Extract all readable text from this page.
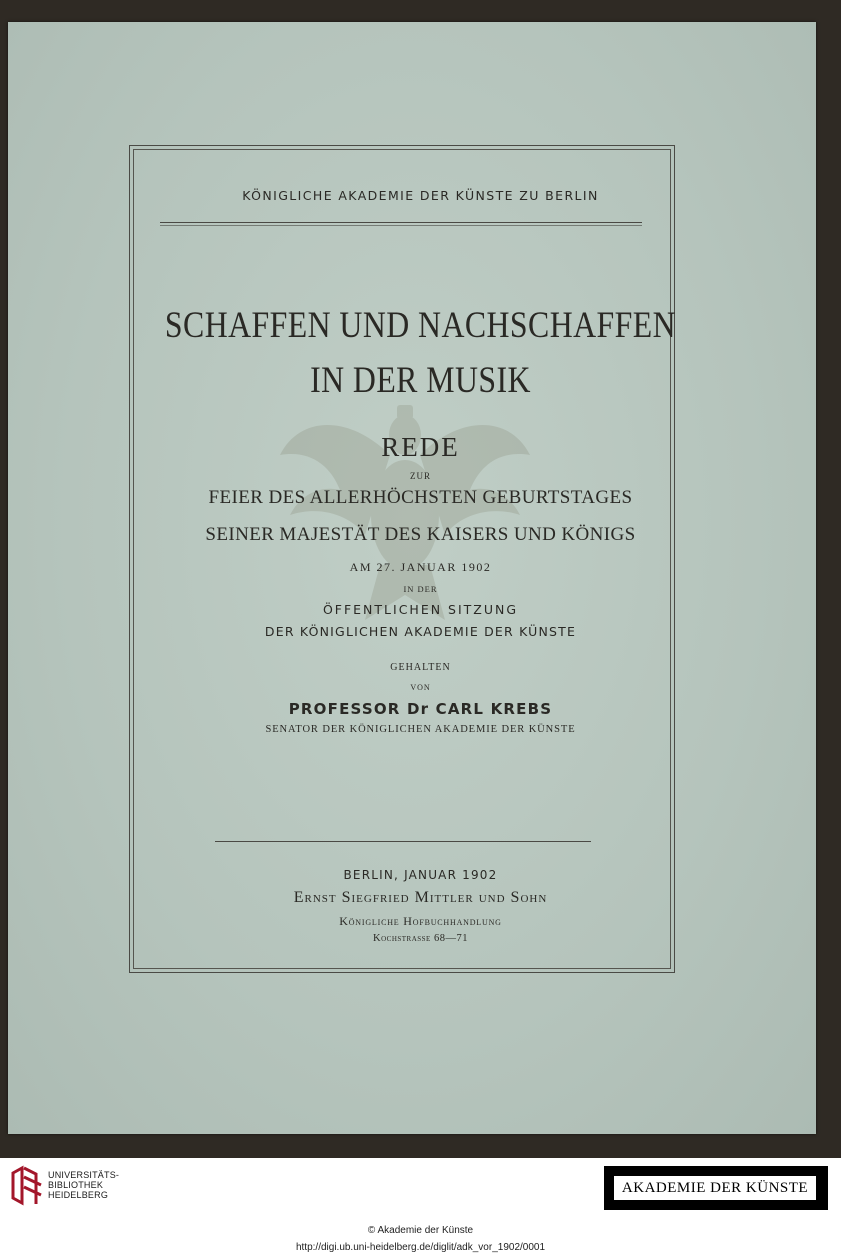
KÖNIGLICHE AKADEMIE DER KÜNSTE ZU BERLIN
SCHAFFEN UND NACHSCHAFFEN
IN DER MUSIK
REDE
ZUR
FEIER DES ALLERHÖCHSTEN GEBURTSTAGES
SEINER MAJESTÄT DES KAISERS UND KÖNIGS
AM 27. JANUAR 1902
IN DER
ÖFFENTLICHEN SITZUNG
DER KÖNIGLICHEN AKADEMIE DER KÜNSTE
GEHALTEN
VON
PROFESSOR Dr CARL KREBS
SENATOR DER KÖNIGLICHEN AKADEMIE DER KÜNSTE
BERLIN, JANUAR 1902
Ernst Siegfried Mittler und Sohn
Königliche Hofbuchhandlung
Kochstrasse 68—71
UNIVERSITÄTS-
BIBLIOTHEK
HEIDELBERG	AKADEMIE DER KÜNSTE
© Akademie der Künste
http://digi.ub.uni-heidelberg.de/diglit/adk_vor_1902/0001
